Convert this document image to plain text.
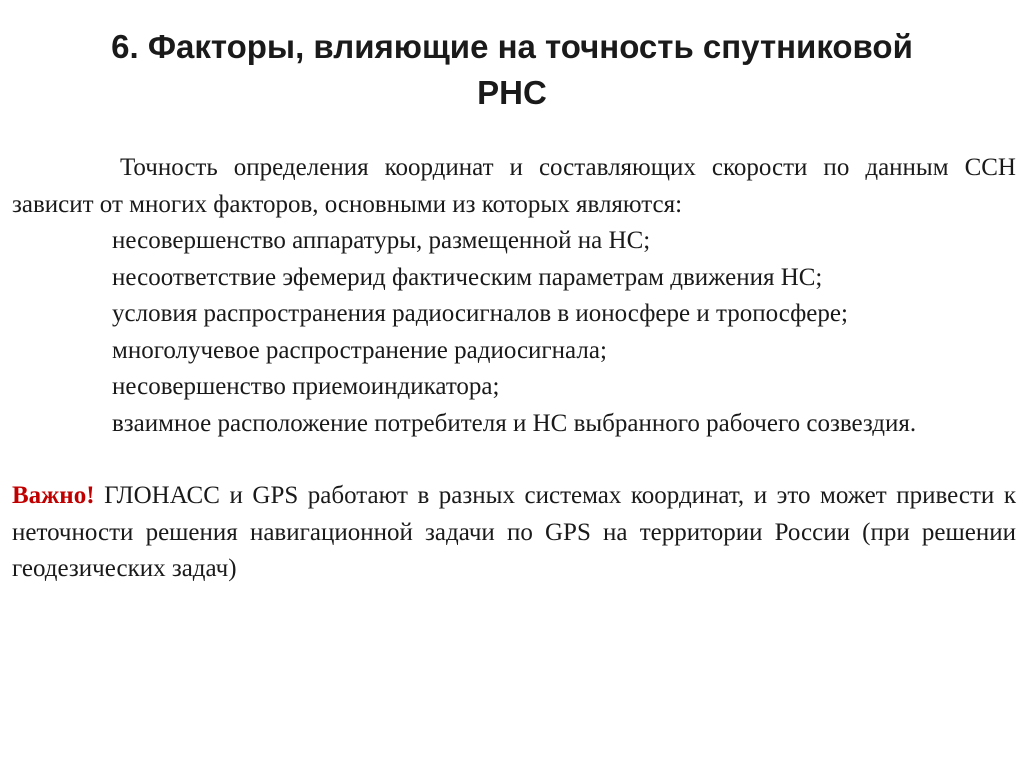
6. Факторы, влияющие на точность спутниковой
РНС

Точность определения координат и составляющих скорости по данным ССН зависит от многих факторов, основными из которых являются:

несовершенство аппаратуры, размещенной на НС;

несоответствие эфемерид фактическим параметрам движения НС;

условия распространения радиосигналов в ионосфере и тропосфере;

многолучевое распространение радиосигнала;

несовершенство приемоиндикатора;

взаимное расположение потребителя и НС выбранного рабочего созвездия.

Важно! ГЛОНАСС и GPS работают в разных системах координат, и это может привести к неточности решения навигационной задачи по GPS на территории России (при решении геодезических задач)
